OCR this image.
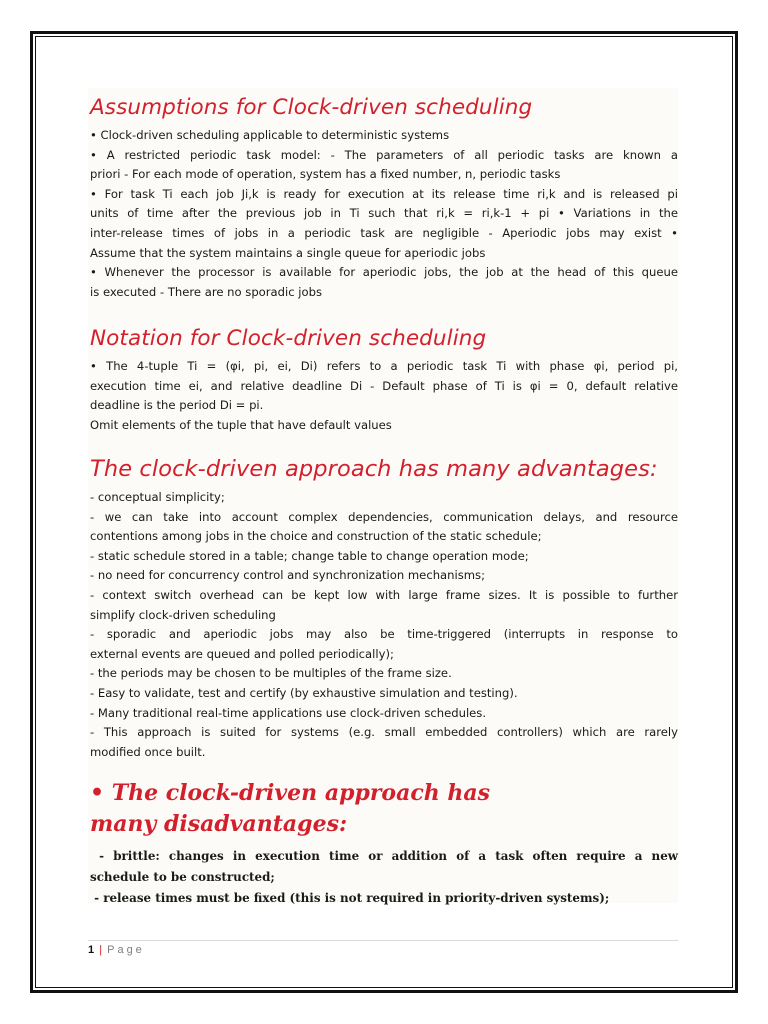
Assumptions for Clock-driven scheduling

• Clock-driven scheduling applicable to deterministic systems
• A restricted periodic task model: - The parameters of all periodic tasks are known a
priori - For each mode of operation, system has a fixed number, n, periodic tasks
• For task Ti each job Ji,k is ready for execution at its release time ri,k and is released pi
units of time after the previous job in Ti such that ri,k = ri,k-1 + pi • Variations in the
inter-release times of jobs in a periodic task are negligible - Aperiodic jobs may exist •
Assume that the system maintains a single queue for aperiodic jobs
• Whenever the processor is available for aperiodic jobs, the job at the head of this queue
is executed - There are no sporadic jobs

Notation for Clock-driven scheduling

• The 4-tuple Ti = (φi, pi, ei, Di) refers to a periodic task Ti with phase φi, period pi,
execution time ei, and relative deadline Di - Default phase of Ti is φi = 0, default relative
deadline is the period Di = pi.
Omit elements of the tuple that have default values

The clock-driven approach has many advantages:

- conceptual simplicity;
- we can take into account complex dependencies, communication delays, and resource
contentions among jobs in the choice and construction of the static schedule;
- static schedule stored in a table; change table to change operation mode;
- no need for concurrency control and synchronization mechanisms;
- context switch overhead can be kept low with large frame sizes. It is possible to further
simplify clock-driven scheduling
- sporadic and aperiodic jobs may also be time-triggered (interrupts in response to
external events are queued and polled periodically);
- the periods may be chosen to be multiples of the frame size.
- Easy to validate, test and certify (by exhaustive simulation and testing).
- Many traditional real-time applications use clock-driven schedules.
- This approach is suited for systems (e.g. small embedded controllers) which are rarely
modified once built.

• The clock-driven approach has many disadvantages:

- brittle: changes in execution time or addition of a task often require a new
schedule to be constructed;
- release times must be fixed (this is not required in priority-driven systems);

1 | Page
